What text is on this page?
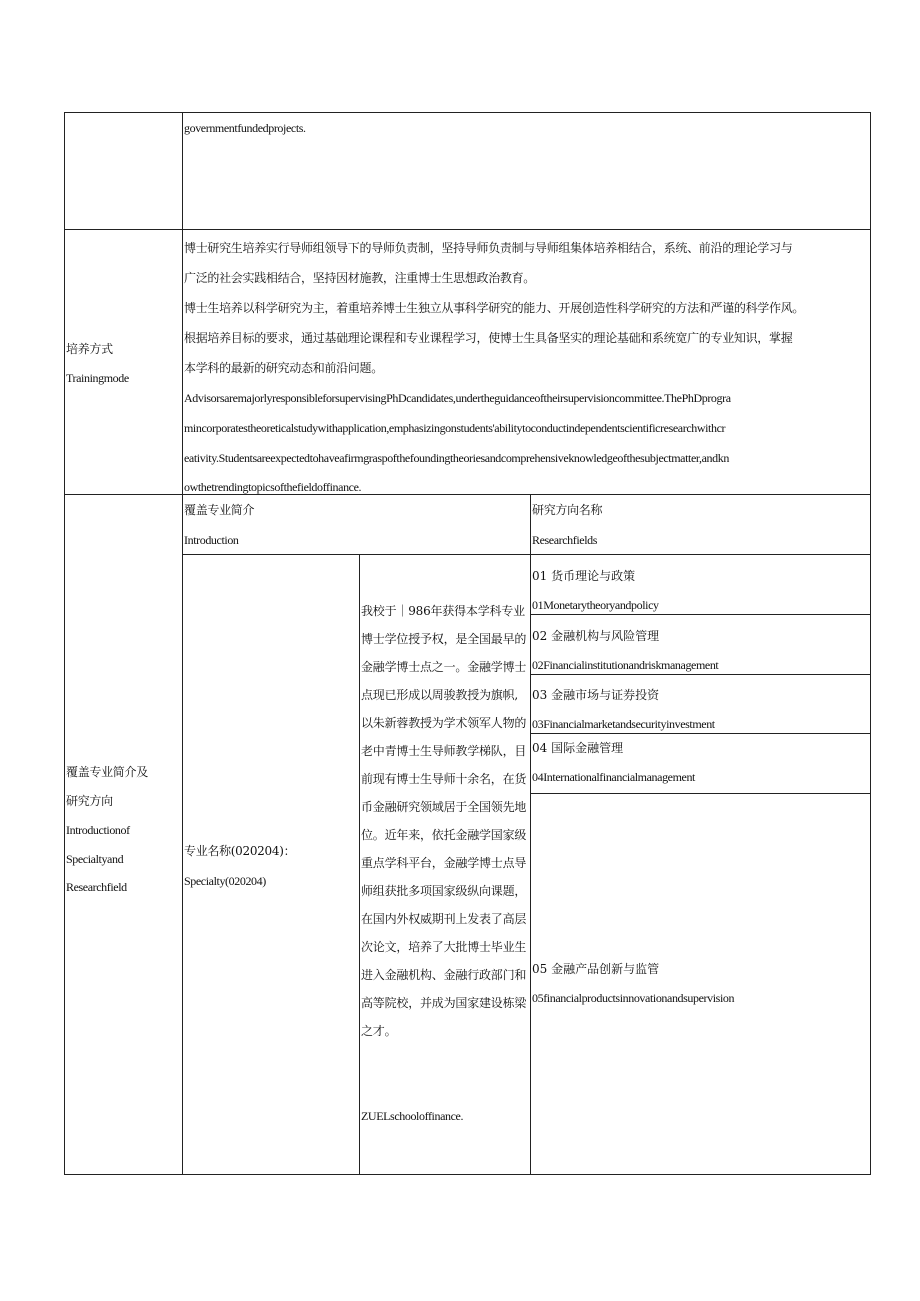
governmentfundedprojects.
培养方式
Trainingmode
博士研究生培养实行导师组领导下的导师负责制，坚持导师负责制与导师组集体培养相结合，系统、前沿的理论学习与
广泛的社会实践相结合，坚持因材施教，注重博士生思想政治教育。
博士生培养以科学研究为主，着重培养博士生独立从事科学研究的能力、开展创造性科学研究的方法和严谨的科学作风。
根据培养目标的要求，通过基础理论课程和专业课程学习，使博士生具备坚实的理论基础和系统宽广的专业知识，掌握
本学科的最新的研究动态和前沿问题。
AdvisorsaremajorlyresponsibleforsupervisingPhDcandidates,undertheguidanceoftheirsupervisioncommittee.ThePhDprogra
mincorporatestheoreticalstudywithapplication,emphasizingonstudents'abilitytoconductindependentscientificresearchwithcr
eativity.Studentsareexpectedtohaveafirmgraspofthefoundingtheoriesandcomprehensiveknowledgeofthesubjectmatter,andkn
owthetrendingtopicsofthefieldoffinance.
覆盖专业简介及
研究方向
Introductionof
Specialtyand
Researchfield
覆盖专业简介
Introduction
研究方向名称
Researchfields
专业名称(020204)：
Specialty(020204)
我校于｜986年获得本学科专业博士学位授予权，是全国最早的金融学博士点之一。金融学博士点现已形成以周骏教授为旗帜,以朱新蓉教授为学术领军人物的老中青博士生导师教学梯队，目前现有博士生导师十余名，在货币金融研究领域居于全国领先地位。近年来，依托金融学国家级重点学科平台，金融学博士点导师组获批多项国家级纵向课题，在国内外权威期刊上发表了高层次论文，培养了大批博士毕业生进入金融机构、金融行政部门和高等院校，并成为国家建设栋梁之才。
ZUELschooloffinance.
01 货币理论与政策
01Monetarytheoryandpolicy
02 金融机构与风险管理
02Financialinstitutionandriskmanagement
03 金融市场与证券投资
03Financialmarketandsecurityinvestment
04 国际金融管理
04Internationalfinancialmanagement
05 金融产品创新与监管
05financialproductsinnovationandsupervision
